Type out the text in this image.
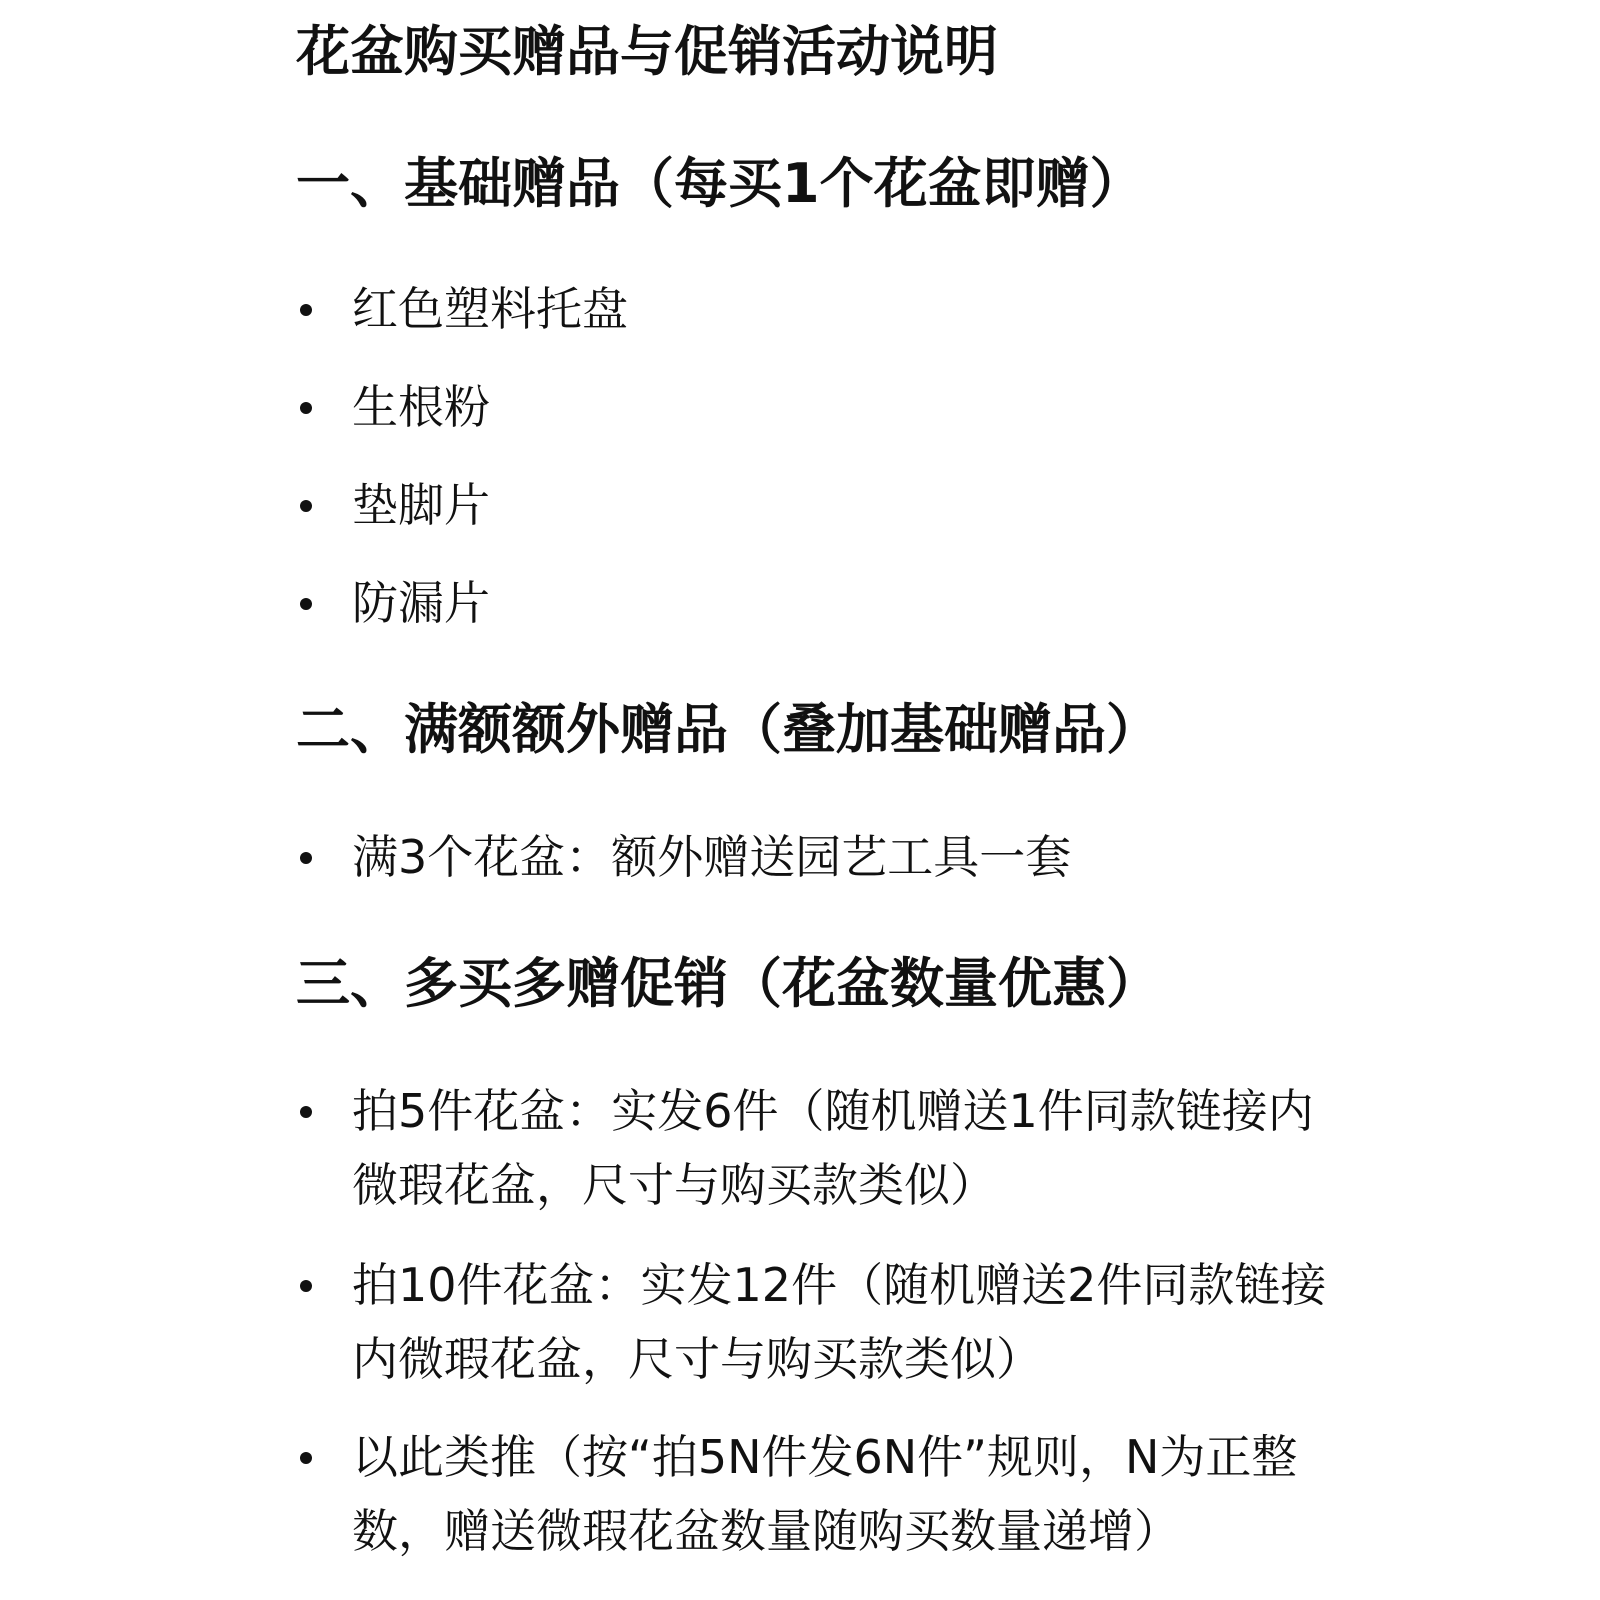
花盆购买赠品与促销活动说明
一、基础赠品（每买1个花盆即赠）
红色塑料托盘
生根粉
垫脚片
防漏片
二、满额额外赠品（叠加基础赠品）
满3个花盆：额外赠送园艺工具一套
三、多买多赠促销（花盆数量优惠）
拍5件花盆：实发6件（随机赠送1件同款链接内微瑕花盆，尺寸与购买款类似）
拍10件花盆：实发12件（随机赠送2件同款链接内微瑕花盆，尺寸与购买款类似）
以此类推（按“拍5N件发6N件”规则，N为正整数，赠送微瑕花盆数量随购买数量递增）
